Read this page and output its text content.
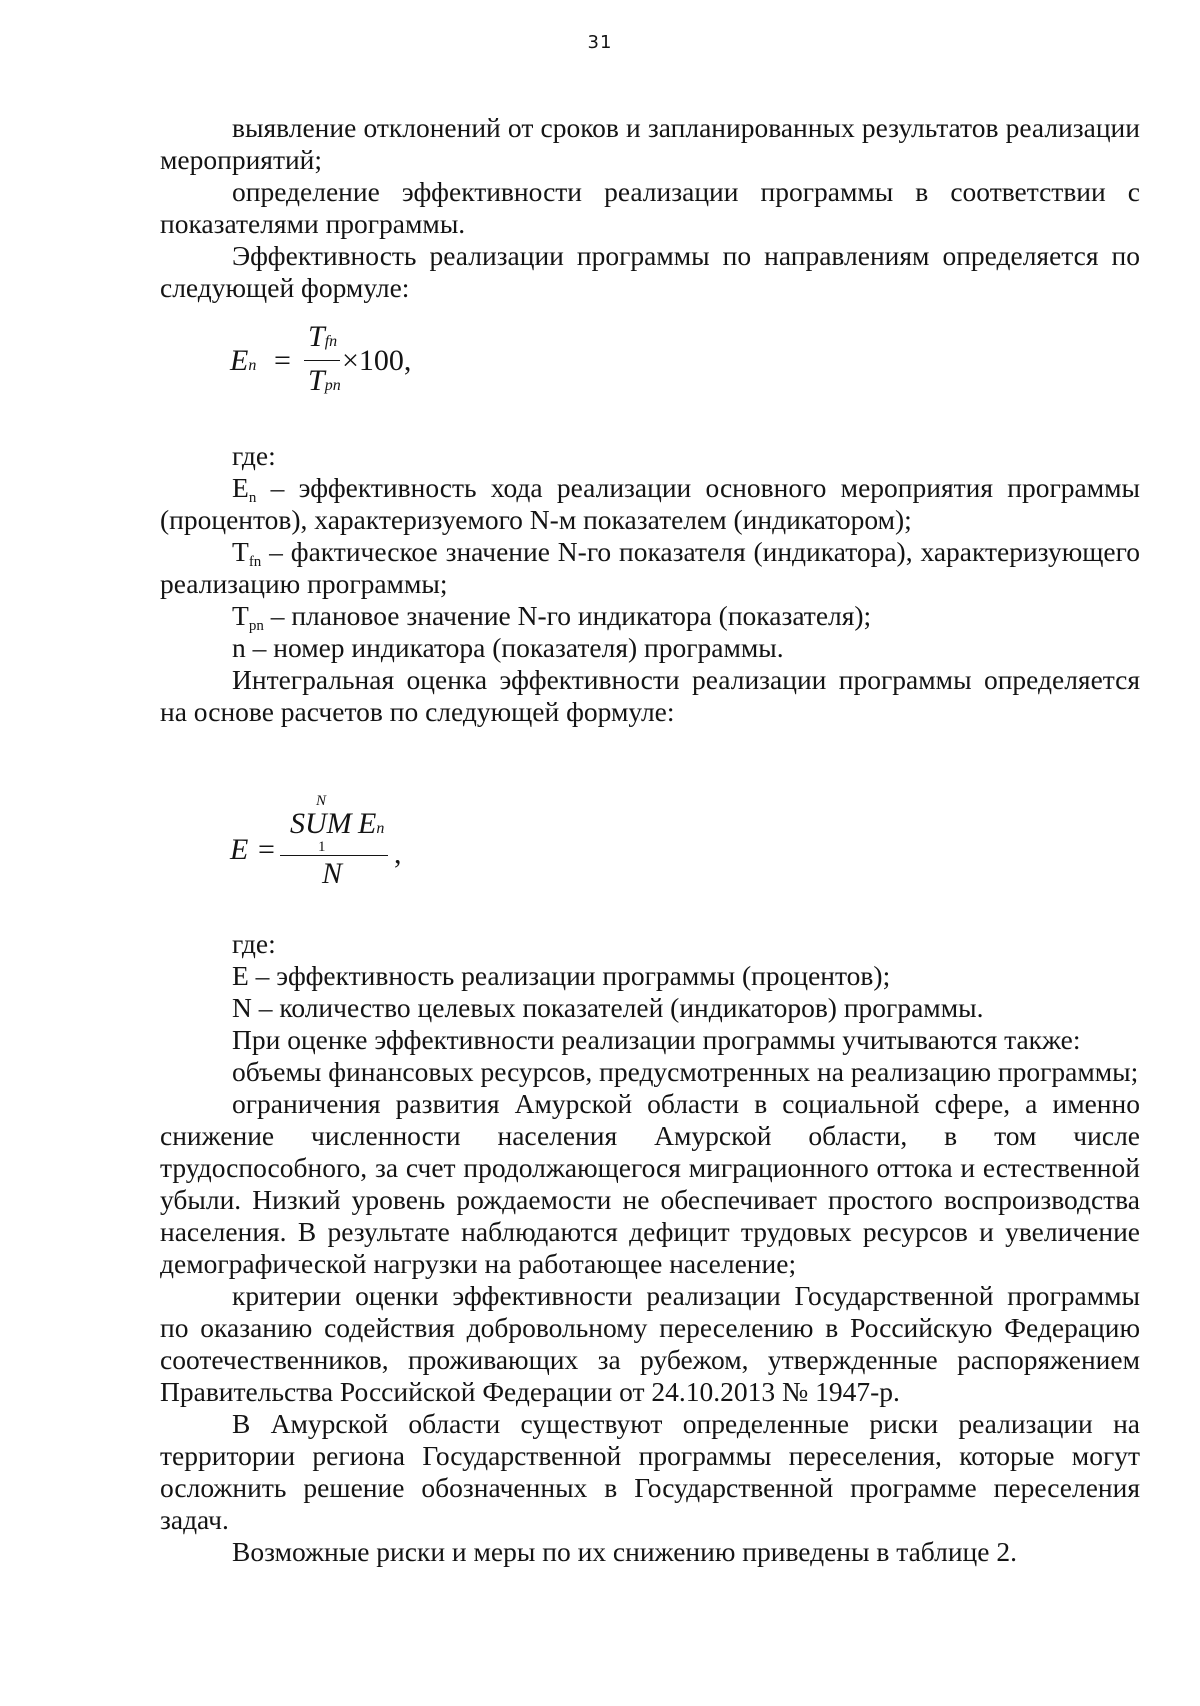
31

выявление отклонений от сроков и запланированных результатов реализации мероприятий;

определение эффективности реализации программы в соответствии с показателями программы.

Эффективность реализации программы по направлениям определяется по следующей формуле:

En =
Tfn
Tpn
×100,

где:

$E_n$ – эффективность хода реализации основного мероприятия программы (процентов), характеризуемого N-м показателем (индикатором);

$T_{fn}$ – фактическое значение N-го показателя (индикатора), характеризующего реализацию программы;

$T_{pn}$ – плановое значение N-го индикатора (показателя);

n – номер индикатора (показателя) программы.

Интегральная оценка эффективности реализации программы определяется на основе расчетов по следующей формуле:

N
SUM En
E =	1
N
,

где:

E – эффективность реализации программы (процентов);

N – количество целевых показателей (индикаторов) программы.

При оценке эффективности реализации программы учитываются также:

объемы финансовых ресурсов, предусмотренных на реализацию программы;

ограничения развития Амурской области в социальной сфере, а именно снижение численности населения Амурской области, в том числе трудоспособного, за счет продолжающегося миграционного оттока и естественной убыли. Низкий уровень рождаемости не обеспечивает простого воспроизводства населения. В результате наблюдаются дефицит трудовых ресурсов и увеличение демографической нагрузки на работающее население;

критерии оценки эффективности реализации Государственной программы по оказанию содействия добровольному переселению в Российскую Федерацию соотечественников, проживающих за рубежом, утвержденные распоряжением Правительства Российской Федерации от 24.10.2013 № 1947-р.

В Амурской области существуют определенные риски реализации на территории региона Государственной программы переселения, которые могут осложнить решение обозначенных в Государственной программе переселения задач.

Возможные риски и меры по их снижению приведены в таблице 2.
